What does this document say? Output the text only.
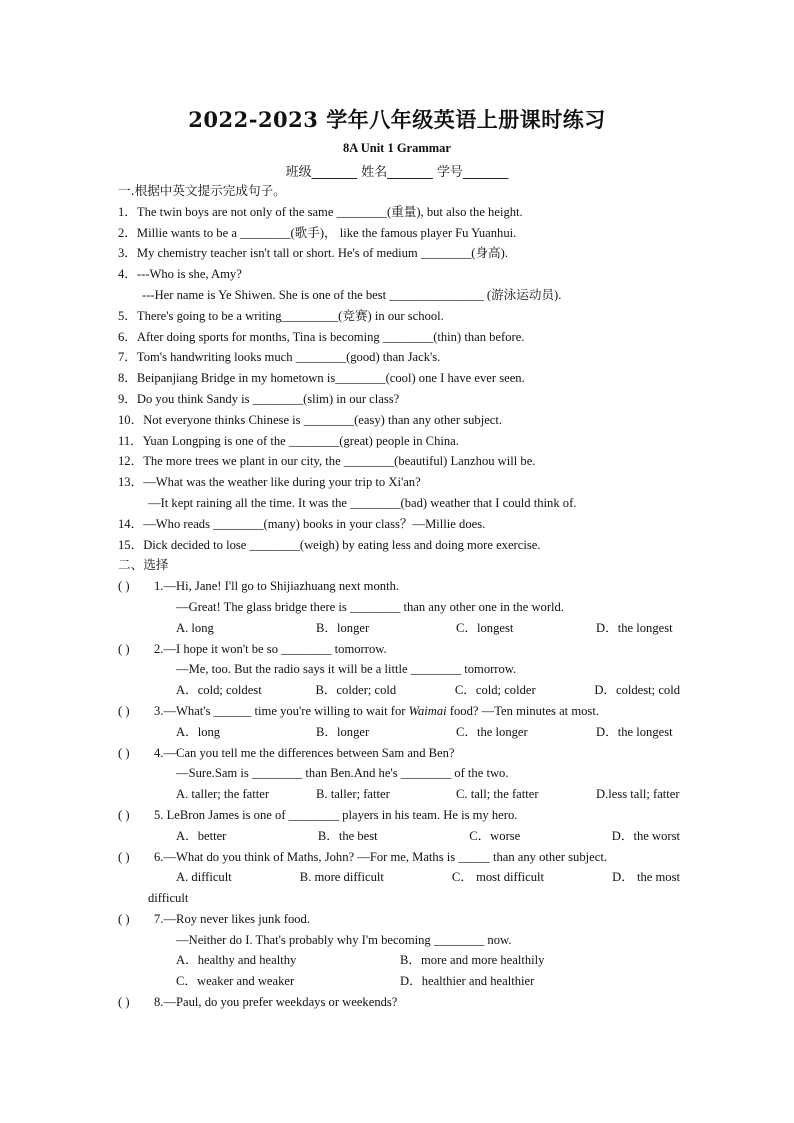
2022-2023 学年八年级英语上册课时练习
8A Unit 1 Grammar
班级_______ 姓名_______ 学号_______
一.根据中英文提示完成句子。
1．The twin boys are not only of the same ________(重量), but also the height.
2．Millie wants to be a ________(歌手)， like the famous player Fu Yuanhui.
3．My chemistry teacher isn't tall or short. He's of medium ________(身高).
4．---Who is she, Amy?
---Her name is Ye Shiwen. She is one of the best _______________ (游泳运动员).
5．There's going to be a writing_________(竞赛) in our school.
6．After doing sports for months, Tina is becoming ________(thin) than before.
7．Tom's handwriting looks much ________(good) than Jack's.
8．Beipanjiang Bridge in my hometown is________(cool) one I have ever seen.
9．Do you think Sandy is ________(slim) in our class?
10．Not everyone thinks Chinese is ________(easy) than any other subject.
11．Yuan Longping is one of the ________(great) people in China.
12．The more trees we plant in our city, the ________(beautiful) Lanzhou will be.
13．—What was the weather like during your trip to Xi'an?
—It kept raining all the time. It was the ________(bad) weather that I could think of.
14．—Who reads ________(many) books in your class？—Millie does.
15．Dick decided to lose ________(weigh) by eating less and doing more exercise.
二、选择
( ) 1.—Hi, Jane! I'll go to Shijiazhuang next month.
—Great! The glass bridge there is ________ than any other one in the world.
A. long	B．longer	C．longest	D．the longest
( ) 2.—I hope it won't be so ________ tomorrow.
—Me, too. But the radio says it will be a little ________ tomorrow.
A．cold; coldest	B．colder; cold	C．cold; colder	D．coldest; cold
( ) 3.—What's ______ time you're willing to wait for Waimai food? —Ten minutes at most.
A．long	B．longer	C．the longer	D．the longest
( ) 4.—Can you tell me the differences between Sam and Ben?
—Sure.Sam is ________ than Ben.And he's ________ of the two.
A. taller; the fatter	B. taller; fatter	C. tall; the fatter	D.less tall; fatter
( ) 5. LeBron James is one of ________ players in his team. He is my hero.
A．better	B．the best	C．worse	D．the worst
( ) 6.—What do you think of Maths, John? —For me, Maths is _____ than any other subject.
A. difficult	B. more difficult	C． most difficult	D． the most
difficult
( ) 7.—Roy never likes junk food.
—Neither do I. That's probably why I'm becoming ________ now.
A．healthy and healthy	B．more and more healthily
C．weaker and weaker	D．healthier and healthier
( ) 8.—Paul, do you prefer weekdays or weekends?
